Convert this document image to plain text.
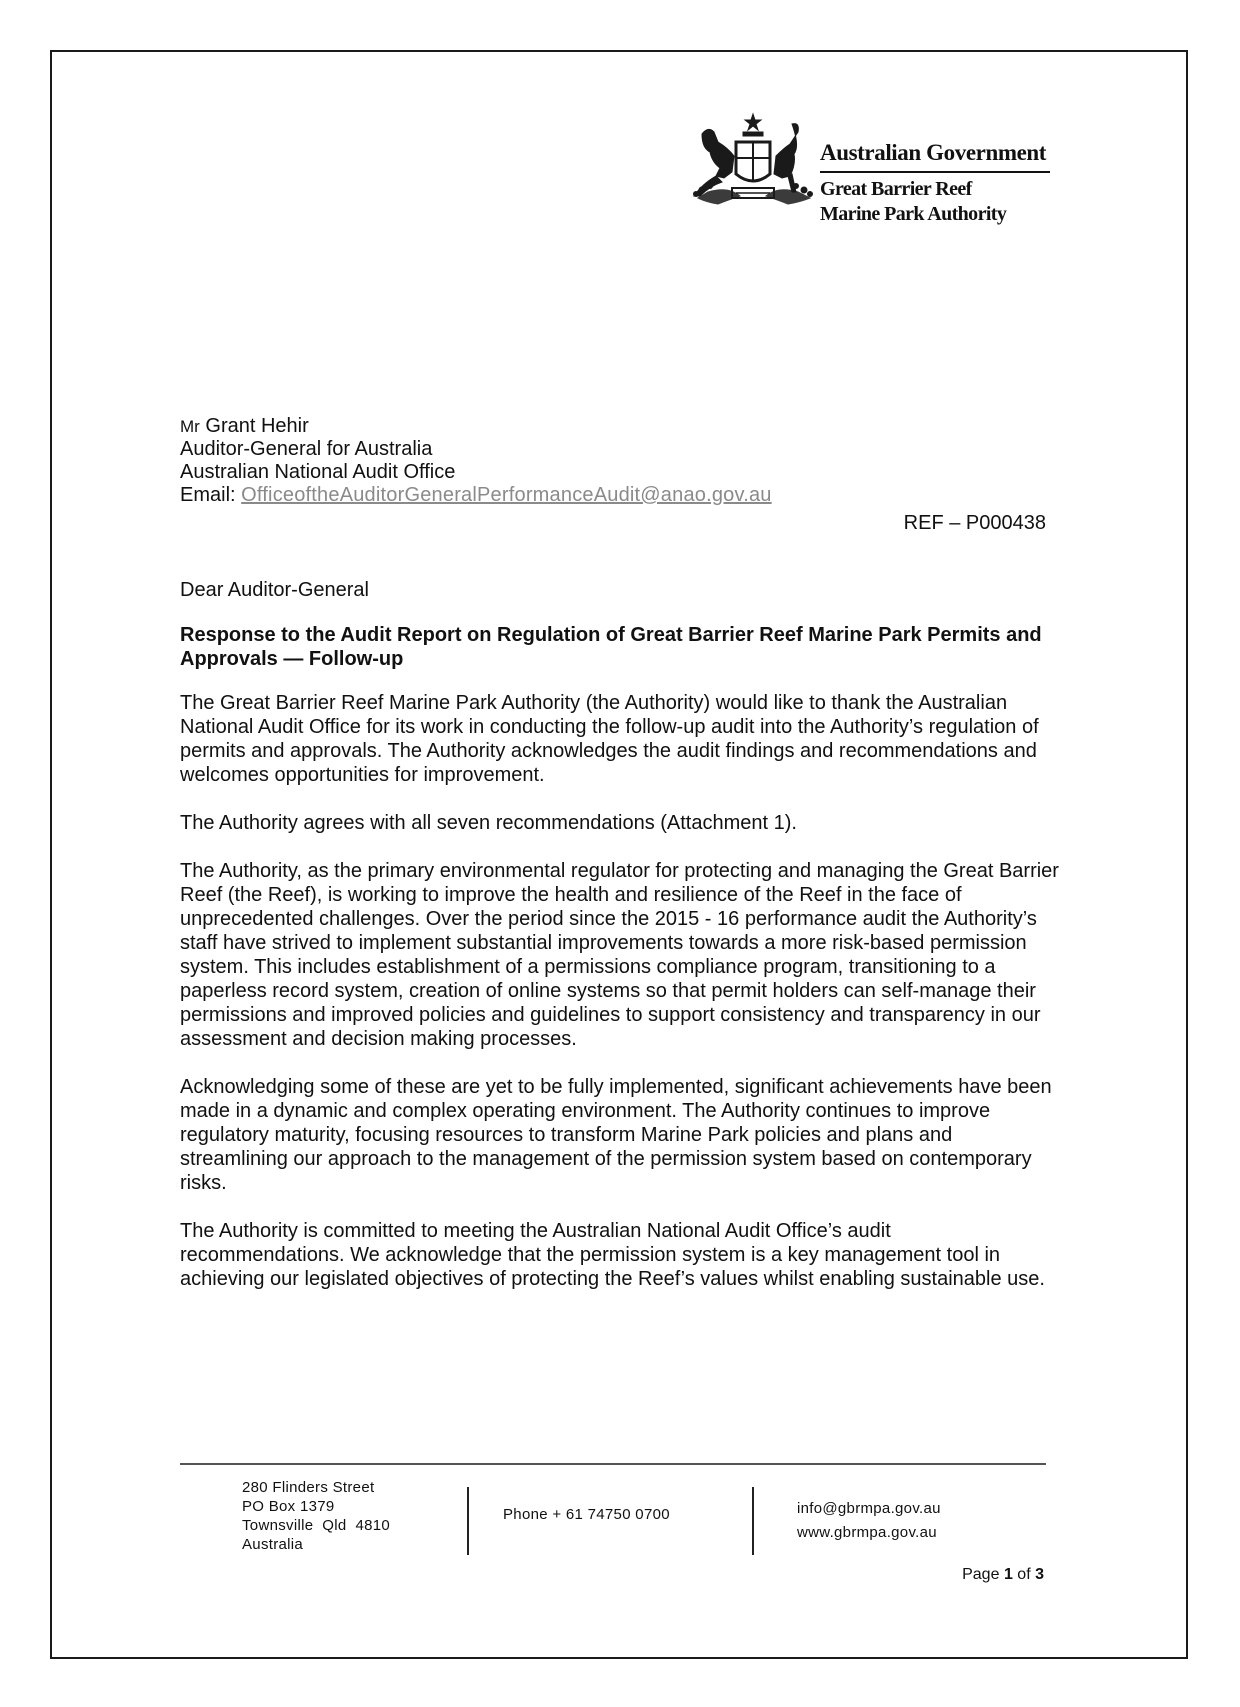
Australian Government
Great Barrier Reef
Marine Park Authority
Mr Grant Hehir
Auditor-General for Australia
Australian National Audit Office
Email: OfficeoftheAuditorGeneralPerformanceAudit@anao.gov.au
REF – P000438

Dear Auditor-General

Response to the Audit Report on Regulation of Great Barrier Reef Marine Park Permits and Approvals — Follow-up

The Great Barrier Reef Marine Park Authority (the Authority) would like to thank the Australian National Audit Office for its work in conducting the follow-up audit into the Authority’s regulation of permits and approvals. The Authority acknowledges the audit findings and recommendations and welcomes opportunities for improvement.

The Authority agrees with all seven recommendations (Attachment 1).

The Authority, as the primary environmental regulator for protecting and managing the Great Barrier Reef (the Reef), is working to improve the health and resilience of the Reef in the face of unprecedented challenges. Over the period since the 2015 - 16 performance audit the Authority’s staff have strived to implement substantial improvements towards a more risk-based permission system. This includes establishment of a permissions compliance program, transitioning to a paperless record system, creation of online systems so that permit holders can self-manage their permissions and improved policies and guidelines to support consistency and transparency in our assessment and decision making processes.

Acknowledging some of these are yet to be fully implemented, significant achievements have been made in a dynamic and complex operating environment. The Authority continues to improve regulatory maturity, focusing resources to transform Marine Park policies and plans and streamlining our approach to the management of the permission system based on contemporary risks.

The Authority is committed to meeting the Australian National Audit Office’s audit recommendations. We acknowledge that the permission system is a key management tool in achieving our legislated objectives of protecting the Reef’s values whilst enabling sustainable use.

280 Flinders Street
PO Box 1379
Townsville  Qld  4810
Australia
Phone + 61 74750 0700	info@gbrmpa.gov.au
www.gbrmpa.gov.au
Page 1 of 3
